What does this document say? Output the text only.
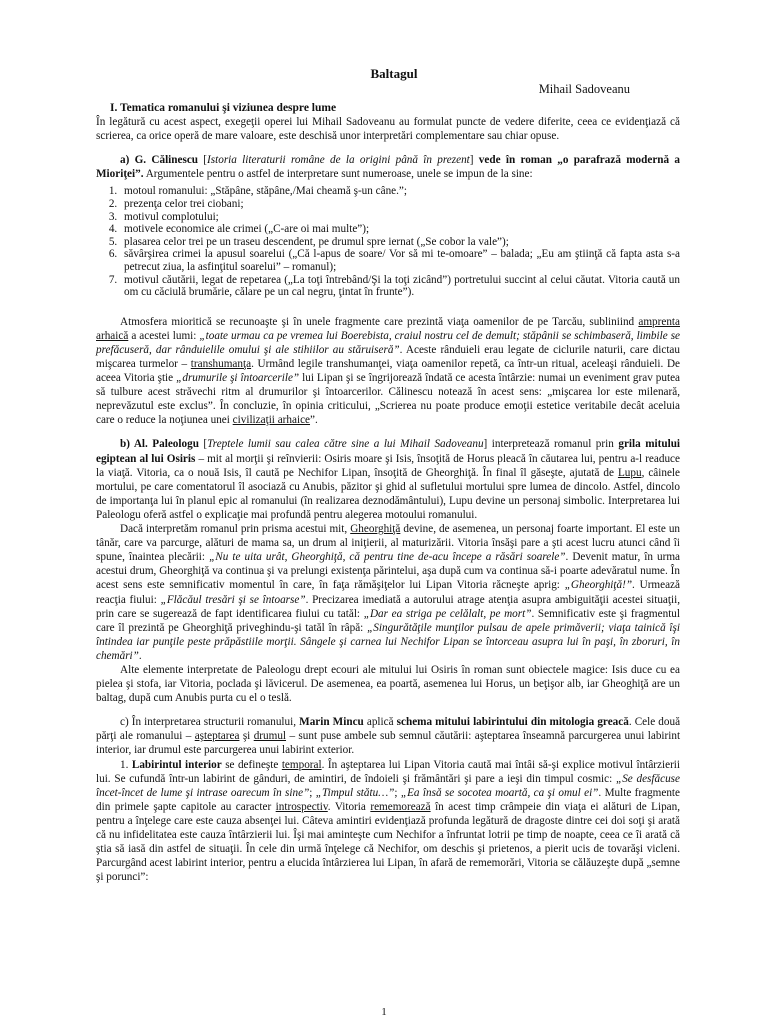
Baltagul

Mihail Sadoveanu

I. Tematica romanului şi viziunea despre lume

În legătură cu acest aspect, exegeţii operei lui Mihail Sadoveanu au formulat puncte de vedere diferite, ceea ce evidenţiază că scrierea, ca orice operă de mare valoare, este deschisă unor interpretări complementare sau chiar opuse.

a) G. Călinescu [Istoria literaturii române de la origini până în prezent] vede în roman „o parafrază modernă a Mioriţei”. Argumentele pentru o astfel de interpretare sunt numeroase, unele se impun de la sine:

1. motoul romanului: „Stăpâne, stăpâne,/Mai cheamă ş-un câne.”;
2. prezenţa celor trei ciobani;
3. motivul complotului;
4. motivele economice ale crimei („C-are oi mai multe”);
5. plasarea celor trei pe un traseu descendent, pe drumul spre iernat („Se cobor la vale”);
6. săvârşirea crimei la apusul soarelui („Că l-apus de soare/ Vor să mi te-omoare” – balada; „Eu am ştiinţă că fapta asta s-a petrecut ziua, la asfinţitul soarelui” – romanul);
7. motivul căutării, legat de repetarea („La toţi întrebând/Şi la toţi zicând”) portretului succint al celui căutat. Vitoria caută un om cu căciulă brumărie, călare pe un cal negru, ţintat în frunte”).

Atmosfera mioritică se recunoaşte şi în unele fragmente care prezintă viaţa oamenilor de pe Tarcău, subliniind amprenta arhaică a acestei lumi: „toate urmau ca pe vremea lui Boerebista, craiul nostru cel de demult; stăpânii se schimbaseră, limbile se prefăcuseră, dar rânduielile omului şi ale stihiilor au stăruiseră”. Aceste rânduieli erau legate de ciclurile naturii, care dictau mişcarea turmelor – transhumanţa. Urmând legile transhumanţei, viaţa oamenilor repetă, ca într-un ritual, aceleaşi rânduieli. De aceea Vitoria ştie „drumurile şi întoarcerile” lui Lipan şi se îngrijorează îndată ce acesta întârzie: numai un eveniment grav putea să tulbure acest străvechi ritm al drumurilor şi întoarcerilor. Călinescu notează în acest sens: „mişcarea lor este milenară, neprevăzutul este exclus”. În concluzie, în opinia criticului, „Scrierea nu poate produce emoţii estetice veritabile decât aceluia care o reduce la noţiunea unei civilizaţii arhaice”.

b) Al. Paleologu [Treptele lumii sau calea către sine a lui Mihail Sadoveanu] interpretează romanul prin grila mitului egiptean al lui Osiris – mit al morţii şi reînvierii: Osiris moare şi Isis, însoţită de Horus pleacă în căutarea lui, pentru a-l readuce la viaţă. Vitoria, ca o nouă Isis, îl caută pe Nechifor Lipan, însoţită de Gheorghiţă. În final îl găseşte, ajutată de Lupu, câinele mortului, pe care comentatorul îl asociază cu Anubis, păzitor şi ghid al sufletului mortului spre lumea de dincolo. Astfel, dincolo de importanţa lui în planul epic al romanului (în realizarea deznodământului), Lupu devine un personaj simbolic. Interpretarea lui Paleologu oferă astfel o explicaţie mai profundă pentru alegerea motoului romanului.

Dacă interpretăm romanul prin prisma acestui mit, Gheorghiţă devine, de asemenea, un personaj foarte important. El este un tânăr, care va parcurge, alături de mama sa, un drum al iniţierii, al maturizării. Vitoria însăşi pare a şti acest lucru atunci când îi spune, înaintea plecării: „Nu te uita urât, Gheorghiţă, că pentru tine de-acu începe a răsări soarele”. Devenit matur, în urma acestui drum, Gheorghiţă va continua şi va prelungi existenţa părintelui, aşa după cum va continua să-i poarte adevăratul nume. În acest sens este semnificativ momentul în care, în faţa rămăşiţelor lui Lipan Vitoria răcneşte aprig: „Gheorghiţă!”. Urmează reacţia fiului: „Flăcăul tresări şi se întoarse”. Precizarea imediată a autorului atrage atenţia asupra ambiguităţii acestei situaţii, prin care se sugerează de fapt identificarea fiului cu tatăl: „Dar ea striga pe celălalt, pe mort”. Semnificativ este şi fragmentul care îl prezintă pe Gheorghiţă priveghindu-şi tatăl în râpă: „Singurătăţile munţilor pulsau de apele primăverii; viaţa tainică îşi întindea iar punţile peste prăpăstiile morţii. Sângele şi carnea lui Nechifor Lipan se întorceau asupra lui în paşi, în zboruri, în chemări”.

Alte elemente interpretate de Paleologu drept ecouri ale mitului lui Osiris în roman sunt obiectele magice: Isis duce cu ea pielea şi stofa, iar Vitoria, poclada şi lăvicerul. De asemenea, ea poartă, asemenea lui Horus, un beţişor alb, iar Gheoghiţă are un baltag, după cum Anubis purta cu el o teslă.

c) În interpretarea structurii romanului, Marin Mincu aplică schema mitului labirintului din mitologia greacă. Cele două părţi ale romanului – aşteptarea şi drumul – sunt puse ambele sub semnul căutării: aşteptarea înseamnă parcurgerea unui labirint interior, iar drumul este parcurgerea unui labirint exterior.

1. Labirintul interior se defineşte temporal. În aşteptarea lui Lipan Vitoria caută mai întâi să-şi explice motivul întârzierii lui. Se cufundă într-un labirint de gânduri, de amintiri, de îndoieli şi frământări şi pare a ieşi din timpul cosmic: „Se desfăcuse încet-încet de lume şi intrase oarecum în sine”; „Timpul stătu…”; „Ea însă se socotea moartă, ca şi omul ei”. Multe fragmente din primele şapte capitole au caracter introspectiv. Vitoria rememorează în acest timp crâmpeie din viaţa ei alături de Lipan, pentru a înţelege care este cauza absenţei lui. Câteva amintiri evidenţiază profunda legătură de dragoste dintre cei doi soţi şi arată că nu infidelitatea este cauza întârzierii lui. Îşi mai aminteşte cum Nechifor a înfruntat lotrii pe timp de noapte, ceea ce îi arată că ştia să iasă din astfel de situaţii. În cele din urmă înţelege că Nechifor, om deschis şi prietenos, a pierit ucis de tovarăşi vicleni. Parcurgând acest labirint interior, pentru a elucida întârzierea lui Lipan, în afară de rememorări, Vitoria se călăuzeşte după „semne şi porunci”:

1
